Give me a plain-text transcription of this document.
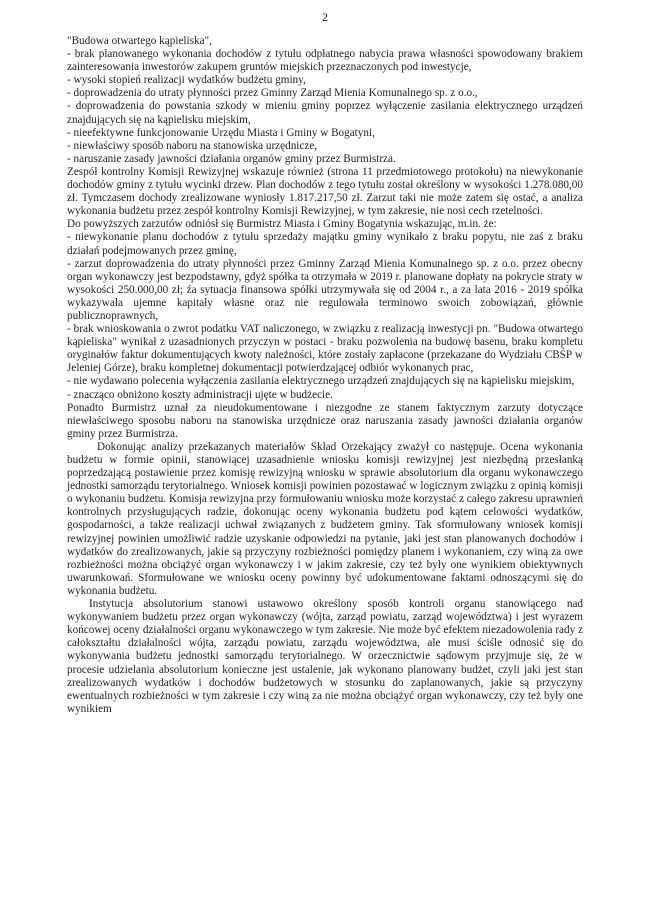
2

"Budowa otwartego kąpieliska",

- brak planowanego wykonania dochodów z tytułu odpłatnego nabycia prawa własności spowodowany brakiem zainteresowania inwestorów zakupem gruntów miejskich przeznaczonych pod inwestycje,

- wysoki stopień realizacji wydatków budżetu gminy,

- doprowadzenia do utraty płynności przez Gminny Zarząd Mienia Komunalnego sp. z o.o.,

- doprowadzenia do powstania szkody w mieniu gminy poprzez wyłączenie zasilania elektrycznego urządzeń znajdujących się na kąpielisku miejskim,

- nieefektywne funkcjonowanie Urzędu Miasta i Gminy w Bogatyni,

- niewłaściwy sposób naboru na stanowiska urzędnicze,

- naruszanie zasady jawności działania organów gminy przez Burmistrza.

Zespół kontrolny Komisji Rewizyjnej wskazuje również (strona 11 przedmiotowego protokołu) na niewykonanie dochodów gminy z tytułu wycinki drzew. Plan dochodów z tego tytułu został określony w wysokości 1.278.080,00 zł. Tymczasem dochody zrealizowane wyniosły 1.817.217,50 zł. Zarzut taki nie może zatem się ostać, a analiza wykonania budżetu przez zespół kontrolny Komisji Rewizyjnej, w tym zakresie, nie nosi cech rzetelności.

Do powyższych zarzutów odniósł się Burmistrz Miasta i Gminy Bogatynia wskazując, m.in. że:

- niewykonanie planu dochodów z tytułu sprzedaży majątku gminy wynikało z braku popytu, nie zaś z braku działań podejmowanych przez gminę,

- zarzut doprowadzenia do utraty płynności przez Gminny Zarząd Mienia Komunalnego sp. z o.o. przez obecny organ wykonawczy jest bezpodstawny, gdyż spółka ta otrzymała w 2019 r. planowane dopłaty na pokrycie straty w wysokości 250.000,00 zł; źa sytuacja finansowa spółki utrzymywała się od 2004 r., a za lata 2016 - 2019 spółka wykazywała ujemne kapitały własne oraz nie regulowała terminowo swoich zobowiązań, głównie publicznoprawnych,

- brak wnioskowania o zwrot podatku VAT naliczonego, w związku z realizacją inwestycji pn. "Budowa otwartego kąpieliska" wynikał z uzasadnionych przyczyn w postaci - braku pozwolenia na budowę basenu, braku kompletu oryginałów faktur dokumentujących kwoty należności, które zostały zapłacone (przekazane do Wydziału CBŚP w Jeleniej Górze), braku kompletnej dokumentacji potwierdzającej odbiór wykonanych prac,

- nie wydawano polecenia wyłączenia zasilania elektrycznego urządzeń znajdujących się na kąpielisku miejskim,

- znacząco obniżono koszty administracji ujęte w budżecie.

Ponadto Burmistrz uznał za nieudokumentowane i niezgodne ze stanem faktycznym zarzuty dotyczące niewłaściwego sposobu naboru na stanowiska urzędnicze oraz naruszania zasady jawności działania organów gminy przez Burmistrza.

Dokonując analizy przekazanych materiałów Skład Orzekający zważył co następuje. Ocena wykonania budżetu w formie opinii, stanowiącej uzasadnienie wniosku komisji rewizyjnej jest niezbędną przesłanką poprzedzającą postawienie przez komisję rewizyjną wniosku w sprawie absolutorium dla organu wykonawczego jednostki samorządu terytorialnego. Wniosek komisji powinien pozostawać w logicznym związku z opinią komisji o wykonaniu budżetu. Komisja rewizyjna przy formułowaniu wniosku może korzystać z całego zakresu uprawnień kontrolnych przysługujących radzie, dokonując oceny wykonania budżetu pod kątem celowości wydatków, gospodarności, a także realizacji uchwał związanych z budżetem gminy. Tak sformułowany wniosek komisji rewizyjnej powinien umożliwić radzie uzyskanie odpowiedzi na pytanie, jaki jest stan planowanych dochodów i wydatków do zrealizowanych, jakie są przyczyny rozbieżności pomiędzy planem i wykonaniem, czy winą za owe rozbieżności można obciążyć organ wykonawczy i w jakim zakresie, czy też były one wynikiem obiektywnych uwarunkowań. Sformułowane we wniosku oceny powinny być udokumentowane faktami odnoszącymi się do wykonania budżetu.

Instytucja absolutorium stanowi ustawowo określony sposób kontroli organu stanowiącego nad wykonywaniem budżetu przez organ wykonawczy (wójta, zarząd powiatu, zarząd województwa) i jest wyrazem końcowej oceny działalności organu wykonawczego w tym zakresie. Nie może być efektem niezadowolenia rady z całokształtu działalności wójta, zarządu powiatu, zarządu województwa, ale musi ściśle odnosić się do wykonywania budżetu jednostki samorządu terytorialnego. W orzecznictwie sądowym przyjmuje się, że w procesie udzielania absolutorium konieczne jest ustalenie, jak wykonano planowany budżet, czyli jaki jest stan zrealizowanych wydatków i dochodów budżetowych w stosunku do zaplanowanych, jakie są przyczyny ewentualnych rozbieżności w tym zakresie i czy winą za nie można obciążyć organ wykonawczy, czy też były one wynikiem
